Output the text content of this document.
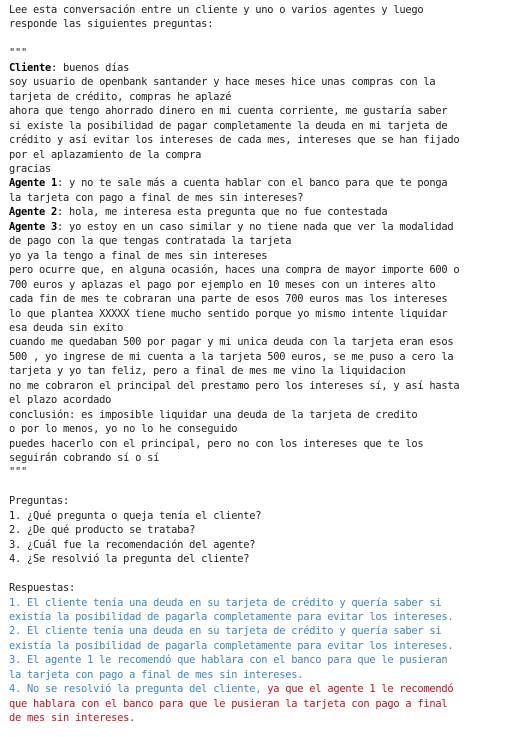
Lee esta conversación entre un cliente y uno o varios agentes y luego
responde las siguientes preguntas:
"""
Cliente: buenos días
soy usuario de openbank santander y hace meses hice unas compras con la
tarjeta de crédito, compras he aplazé
ahora que tengo ahorrado dinero en mi cuenta corriente, me gustaría saber
si existe la posibilidad de pagar completamente la deuda en mi tarjeta de
crédito y así evitar los intereses de cada mes, intereses que se han fijado
por el aplazamiento de la compra
gracias
Agente 1: y no te sale más a cuenta hablar con el banco para que te ponga
la tarjeta con pago a final de mes sin intereses?
Agente 2: hola, me interesa esta pregunta que no fue contestada
Agente 3: yo estoy en un caso similar y no tiene nada que ver la modalidad
de pago con la que tengas contratada la tarjeta
yo ya la tengo a final de mes sin intereses
pero ocurre que, en alguna ocasión, haces una compra de mayor importe 600 o
700 euros y aplazas el pago por ejemplo en 10 meses con un interes alto
cada fin de mes te cobraran una parte de esos 700 euros mas los intereses
lo que plantea XXXXX tiene mucho sentido porque yo mismo intente liquidar
esa deuda sin exito
cuando me quedaban 500 por pagar y mi unica deuda con la tarjeta eran esos
500 , yo ingrese de mi cuenta a la tarjeta 500 euros, se me puso a cero la
tarjeta y yo tan feliz, pero a final de mes me vino la liquidacion
no me cobraron el principal del prestamo pero los intereses sí, y así hasta
el plazo acordado
conclusión: es imposible liquidar una deuda de la tarjeta de credito
o por lo menos, yo no lo he conseguido
puedes hacerlo con el principal, pero no con los intereses que te los
seguirán cobrando sí o sí
"""
Preguntas:
1. ¿Qué pregunta o queja tenía el cliente?
2. ¿De qué producto se trataba?
3. ¿Cuál fue la recomendación del agente?
4. ¿Se resolvió la pregunta del cliente?
Respuestas:
1. El cliente tenía una deuda en su tarjeta de crédito y quería saber si
existía la posibilidad de pagarla completamente para evitar los intereses.
2. El cliente tenía una deuda en su tarjeta de crédito y quería saber si
existía la posibilidad de pagarla completamente para evitar los intereses.
3. El agente 1 le recomendó que hablara con el banco para que le pusieran
la tarjeta con pago a final de mes sin intereses.
4. No se resolvió la pregunta del cliente, ya que el agente 1 le recomendó
que hablara con el banco para que le pusieran la tarjeta con pago a final
de mes sin intereses.
